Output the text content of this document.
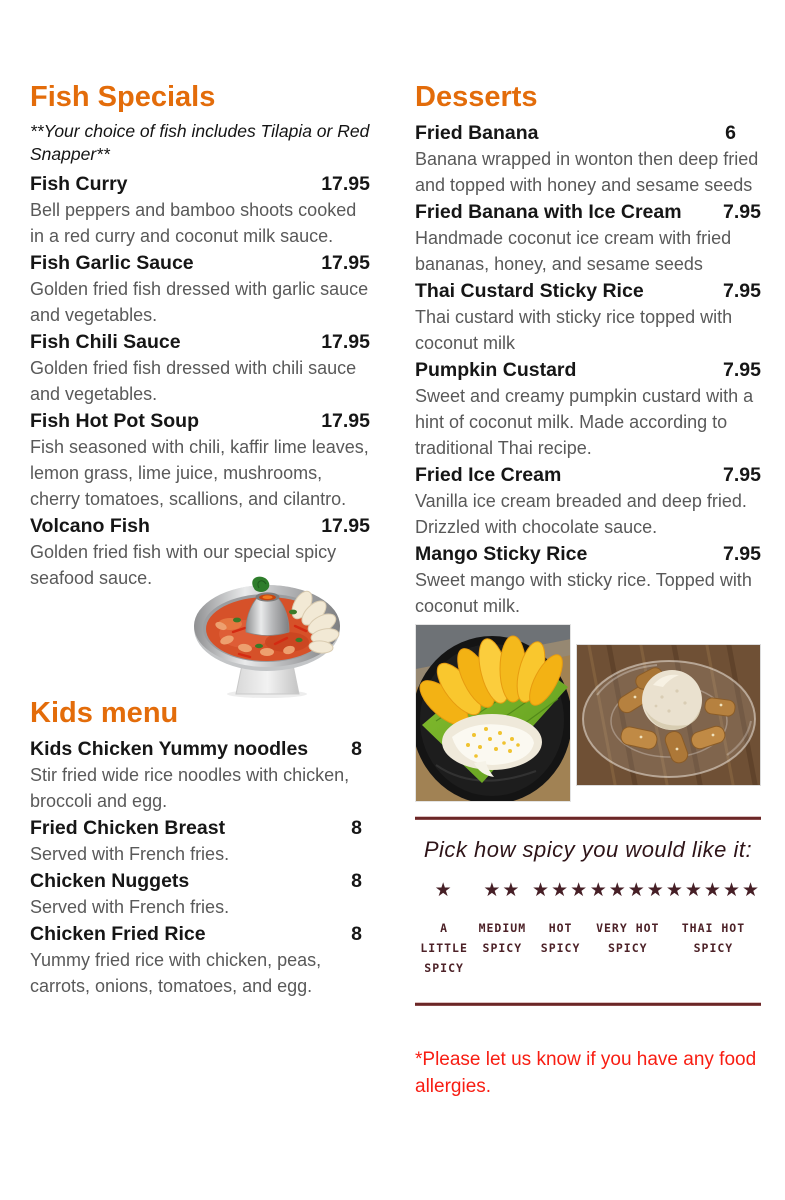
Fish Specials

**Your choice of fish includes Tilapia or Red Snapper**

Fish Curry	17.95

Bell peppers and bamboo shoots cooked in a red curry and coconut milk sauce.

Fish Garlic Sauce	17.95

Golden fried fish dressed with garlic sauce and vegetables.

Fish Chili Sauce	17.95

Golden fried fish dressed with chili sauce and vegetables.

Fish Hot Pot Soup	17.95

Fish seasoned with chili, kaffir lime leaves, lemon grass, lime juice, mushrooms, cherry tomatoes, scallions, and cilantro.

Volcano Fish	17.95

Golden fried fish with our special spicy seafood sauce.

Kids menu
Kids Chicken Yummy noodles 8

Stir fried wide rice noodles with chicken, broccoli and egg.

Fried Chicken Breast	8

Served with French fries.

Chicken Nuggets	8

Served with French fries.

Chicken Fried Rice	8

Yummy fried rice with chicken, peas, carrots, onions, tomatoes, and egg.

Desserts
Fried Banana	6

Banana wrapped in wonton then deep fried and topped with honey and sesame seeds

Fried Banana with Ice Cream 7.95

Handmade coconut ice cream with fried bananas, honey, and sesame seeds

Thai Custard Sticky Rice	7.95

Thai custard with sticky rice topped with coconut milk

Pumpkin Custard	7.95

Sweet and creamy pumpkin custard with a hint of coconut milk. Made according to traditional Thai recipe.

Fried Ice Cream	7.95

Vanilla ice cream breaded and deep fried. Drizzled with chocolate sauce.

Mango Sticky Rice	7.95

Sweet mango with sticky rice. Topped with coconut milk.

Pick how spicy you would like it:

★
A LITTLE
SPICY
★★
MEDIUM
SPICY
★★★
HOT
SPICY
★★★★
VERY HOT
SPICY
★★★★★
THAI HOT
SPICY

*Please let us know if you have any food allergies.
